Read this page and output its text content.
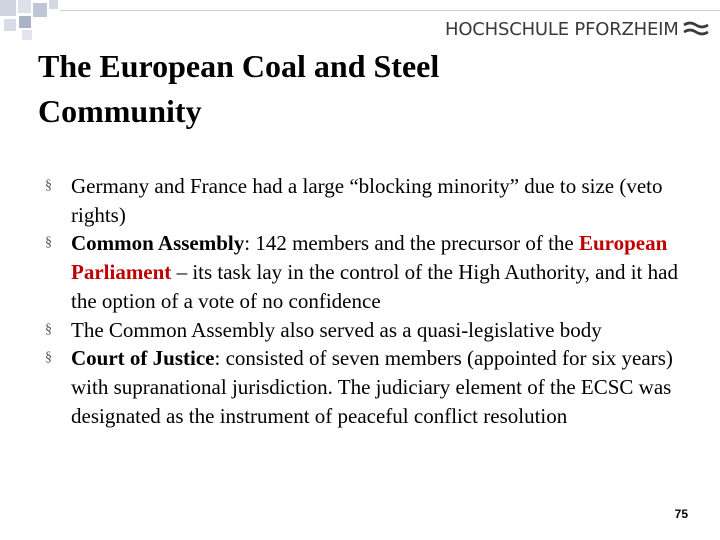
HOCHSCHULE PFORZHEIM
The European Coal and Steel
Community
§ Germany and France had a large “blocking minority” due to size (veto rights)
§ Common Assembly: 142 members and the precursor of the European Parliament – its task lay in the control of the High Authority, and it had the option of a vote of no confidence
§ The Common Assembly also served as a quasi-legislative body
§ Court of Justice: consisted of seven members (appointed for six years) with supranational jurisdiction. The judiciary element of the ECSC was designated as the instrument of peaceful conflict resolution
75
